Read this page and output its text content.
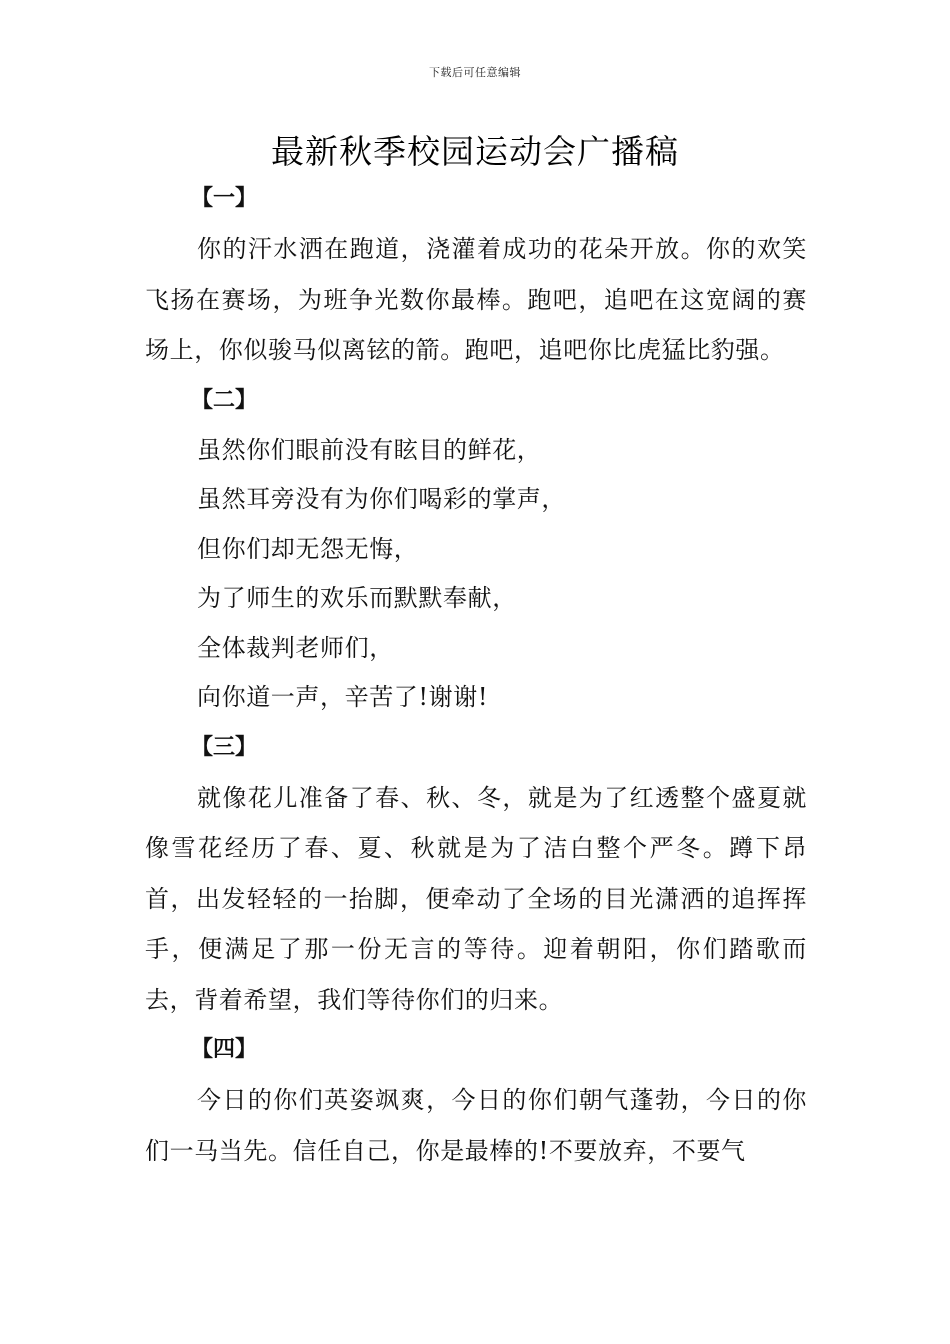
下载后可任意编辑
最新秋季校园运动会广播稿
【一】

你的汗水洒在跑道，浇灌着成功的花朵开放。你的欢笑飞扬在赛场，为班争光数你最棒。跑吧，追吧在这宽阔的赛场上，你似骏马似离铉的箭。跑吧，追吧你比虎猛比豹强。

【二】
虽然你们眼前没有眩目的鲜花，
虽然耳旁没有为你们喝彩的掌声，
但你们却无怨无悔，
为了师生的欢乐而默默奉献，
全体裁判老师们，
向你道一声，辛苦了!谢谢!
【三】

就像花儿准备了春、秋、冬，就是为了红透整个盛夏就像雪花经历了春、夏、秋就是为了洁白整个严冬。蹲下昂首，出发轻轻的一抬脚，便牵动了全场的目光潇洒的追挥挥手，便满足了那一份无言的等待。迎着朝阳，你们踏歌而去，背着希望，我们等待你们的归来。

【四】

今日的你们英姿飒爽，今日的你们朝气蓬勃，今日的你们一马当先。信任自己，你是最棒的!不要放弃，不要气
